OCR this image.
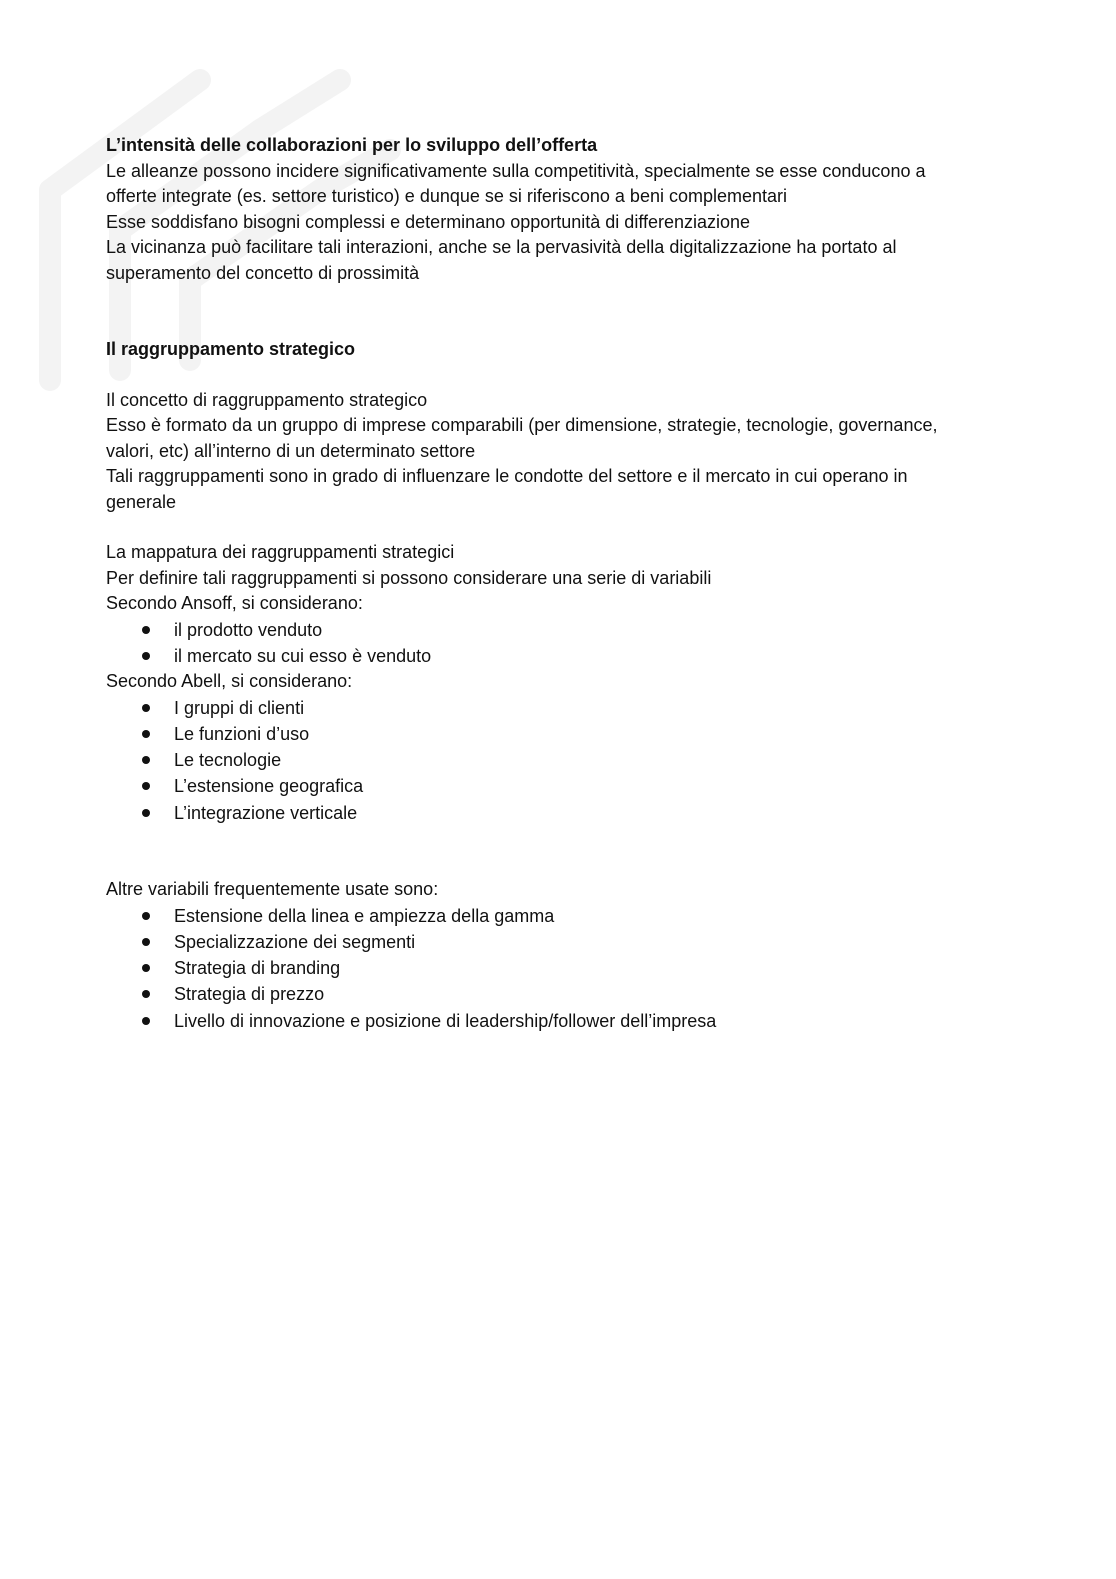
L’intensità delle collaborazioni per lo sviluppo dell’offerta

Le alleanze possono incidere significativamente sulla competitività, specialmente se esse conducono a

offerte integrate (es. settore turistico) e dunque se si riferiscono a beni complementari

Esse soddisfano bisogni complessi e determinano opportunità di differenziazione

La vicinanza può facilitare tali interazioni, anche se la pervasività della digitalizzazione ha portato al

superamento del concetto di prossimità

Il raggruppamento strategico

Il concetto di raggruppamento strategico

Esso è formato da un gruppo di imprese comparabili (per dimensione, strategie, tecnologie, governance,

valori, etc) all’interno di un determinato settore

Tali raggruppamenti sono in grado di influenzare le condotte del settore e il mercato in cui operano in

generale

La mappatura dei raggruppamenti strategici

Per definire tali raggruppamenti si possono considerare una serie di variabili

Secondo Ansoff, si considerano:

il prodotto venduto
il mercato su cui esso è venduto

Secondo Abell, si considerano:

I gruppi di clienti
Le funzioni d’uso
Le tecnologie
L’estensione geografica
L’integrazione verticale

Altre variabili frequentemente usate sono:

Estensione della linea e ampiezza della gamma
Specializzazione dei segmenti
Strategia di branding
Strategia di prezzo
Livello di innovazione e posizione di leadership/follower dell’impresa
